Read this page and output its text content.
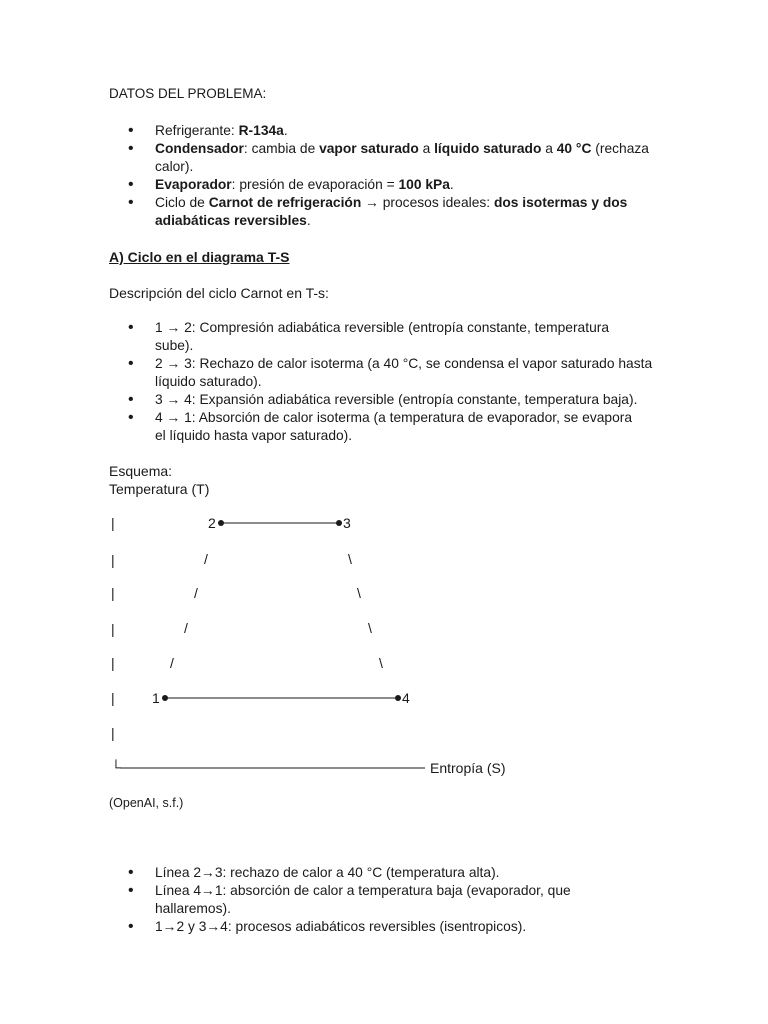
DATOS DEL PROBLEMA:
• Refrigerante: R-134a.
• Condensador: cambia de vapor saturado a líquido saturado a 40 °C (rechaza
calor).
• Evaporador: presión de evaporación = 100 kPa.
• Ciclo de Carnot de refrigeración → procesos ideales: dos isotermas y dos
adiabáticas reversibles.
A) Ciclo en el diagrama T-S
Descripción del ciclo Carnot en T-s:
• 1 → 2: Compresión adiabática reversible (entropía constante, temperatura
sube).
• 2 → 3: Rechazo de calor isoterma (a 40 °C, se condensa el vapor saturado hasta
líquido saturado).
• 3 → 4: Expansión adiabática reversible (entropía constante, temperatura baja).
• 4 → 1: Absorción de calor isoterma (a temperatura de evaporador, se evapora
el líquido hasta vapor saturado).
Esquema:
Temperatura (T)
|
|
|
|
|
|
|
2	3
/	\
/	\
/	\
/	\
1	4
└	Entropía (S)
(OpenAI, s.f.)
• Línea 2→3: rechazo de calor a 40 °C (temperatura alta).
• Línea 4→1: absorción de calor a temperatura baja (evaporador, que
hallaremos).
• 1→2 y 3→4: procesos adiabáticos reversibles (isentropicos).
